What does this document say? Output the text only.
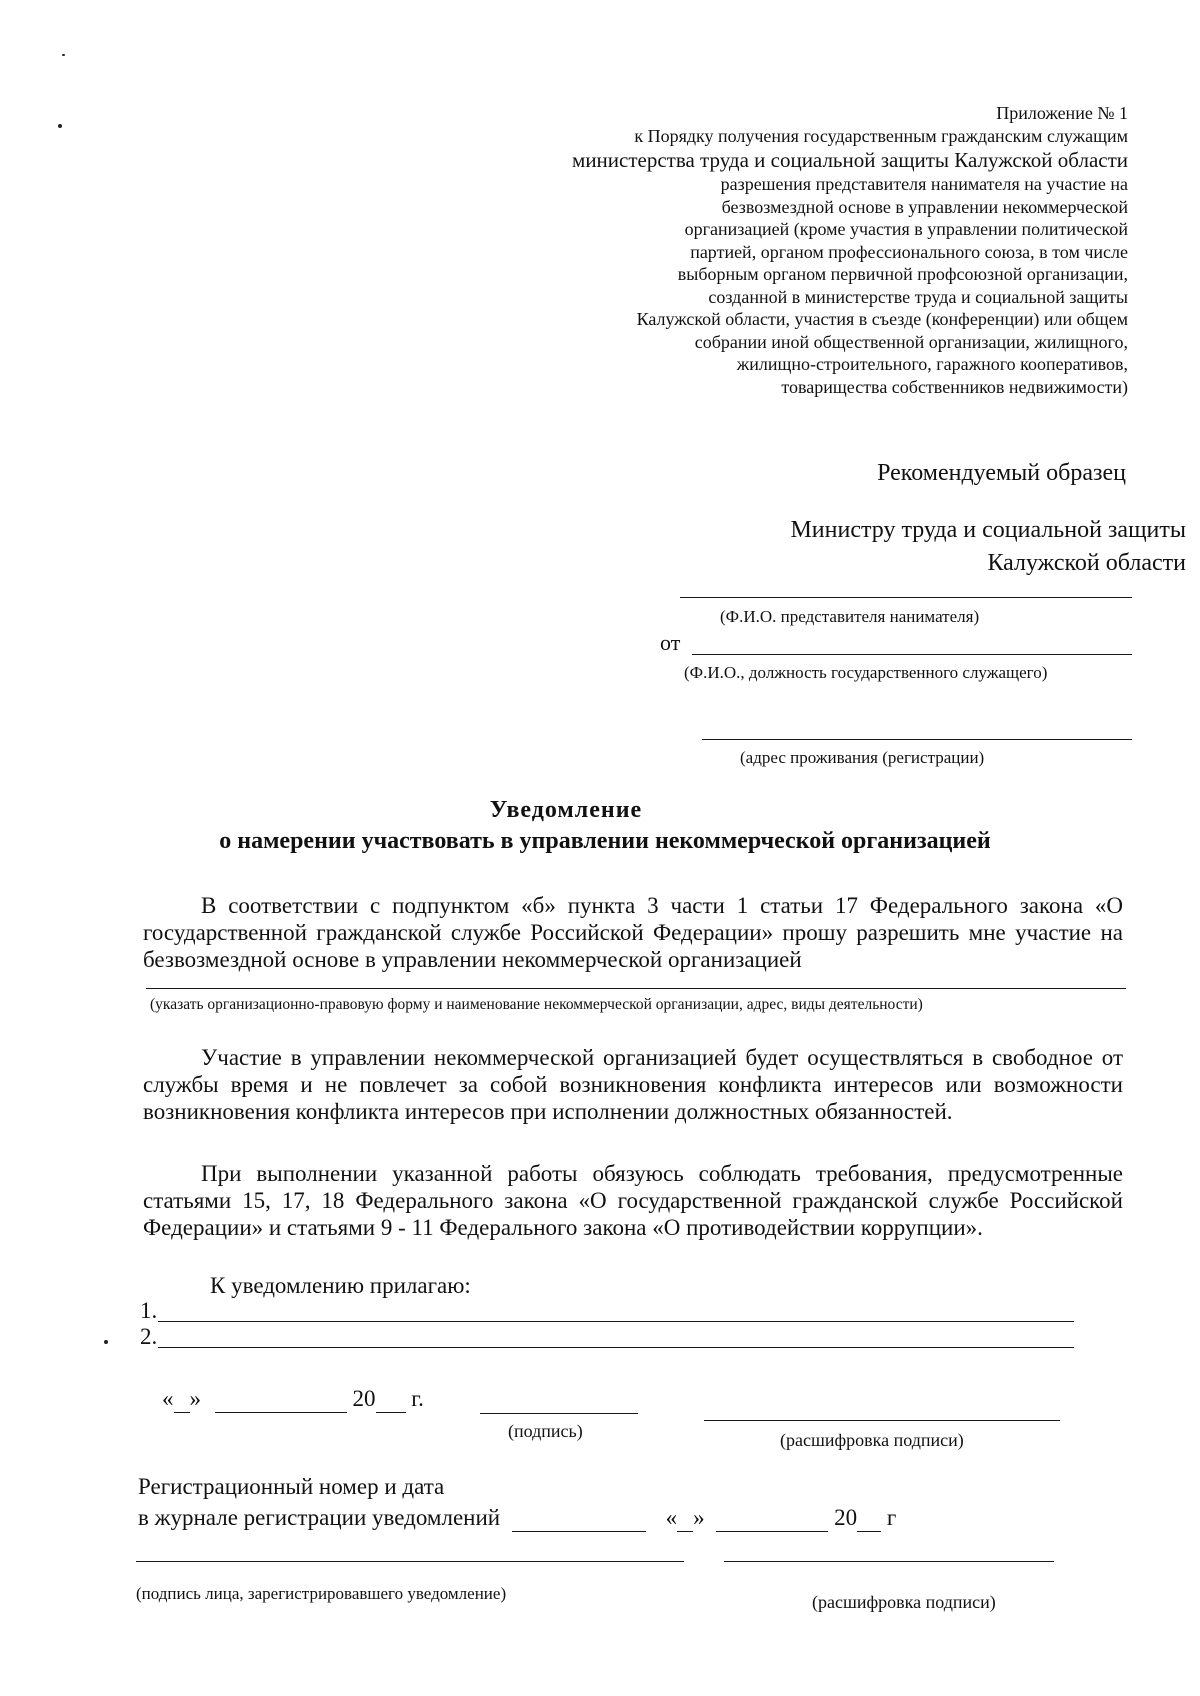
Приложение № 1
к Порядку получения государственным гражданским служащим
министерства труда и социальной защиты Калужской области
разрешения представителя нанимателя на участие на
безвозмездной основе в управлении некоммерческой
организацией (кроме участия в управлении политической
партией, органом профессионального союза, в том числе
выборным органом первичной профсоюзной организации,
созданной в министерстве труда и социальной защиты
Калужской области, участия в съезде (конференции) или общем
собрании иной общественной организации, жилищного,
жилищно-строительного, гаражного кооперативов,
товарищества собственников недвижимости)
Рекомендуемый образец
Министру труда и социальной защиты
Калужской области
(Ф.И.О. представителя нанимателя)
от
(Ф.И.О., должность государственного служащего)
(адрес проживания (регистрации)
Уведомление
о намерении участвовать в управлении некоммерческой организацией
В соответствии с подпунктом «б» пункта 3 части 1 статьи 17 Федерального закона «О государственной гражданской службе Российской Федерации» прошу разрешить мне участие на безвозмездной основе в управлении некоммерческой организацией
(указать организационно-правовую форму и наименование некоммерческой организации, адрес, виды деятельности)
Участие в управлении некоммерческой организацией будет осуществляться в свободное от службы время и не повлечет за собой возникновения конфликта интересов или возможности возникновения конфликта интересов при исполнении должностных обязанностей.
При выполнении указанной работы обязуюсь соблюдать требования, предусмотренные статьями 15, 17, 18 Федерального закона «О государственной гражданской службе Российской Федерации» и статьями 9 - 11 Федерального закона «О противодействии коррупции».
К уведомлению прилагаю:
1.
2.
« »	20 г.
(подпись)	(расшифровка подписи)
Регистрационный номер и дата
в журнале регистрации уведомлений	« »	20 г
(подпись лица, зарегистрировавшего уведомление)	(расшифровка подписи)
